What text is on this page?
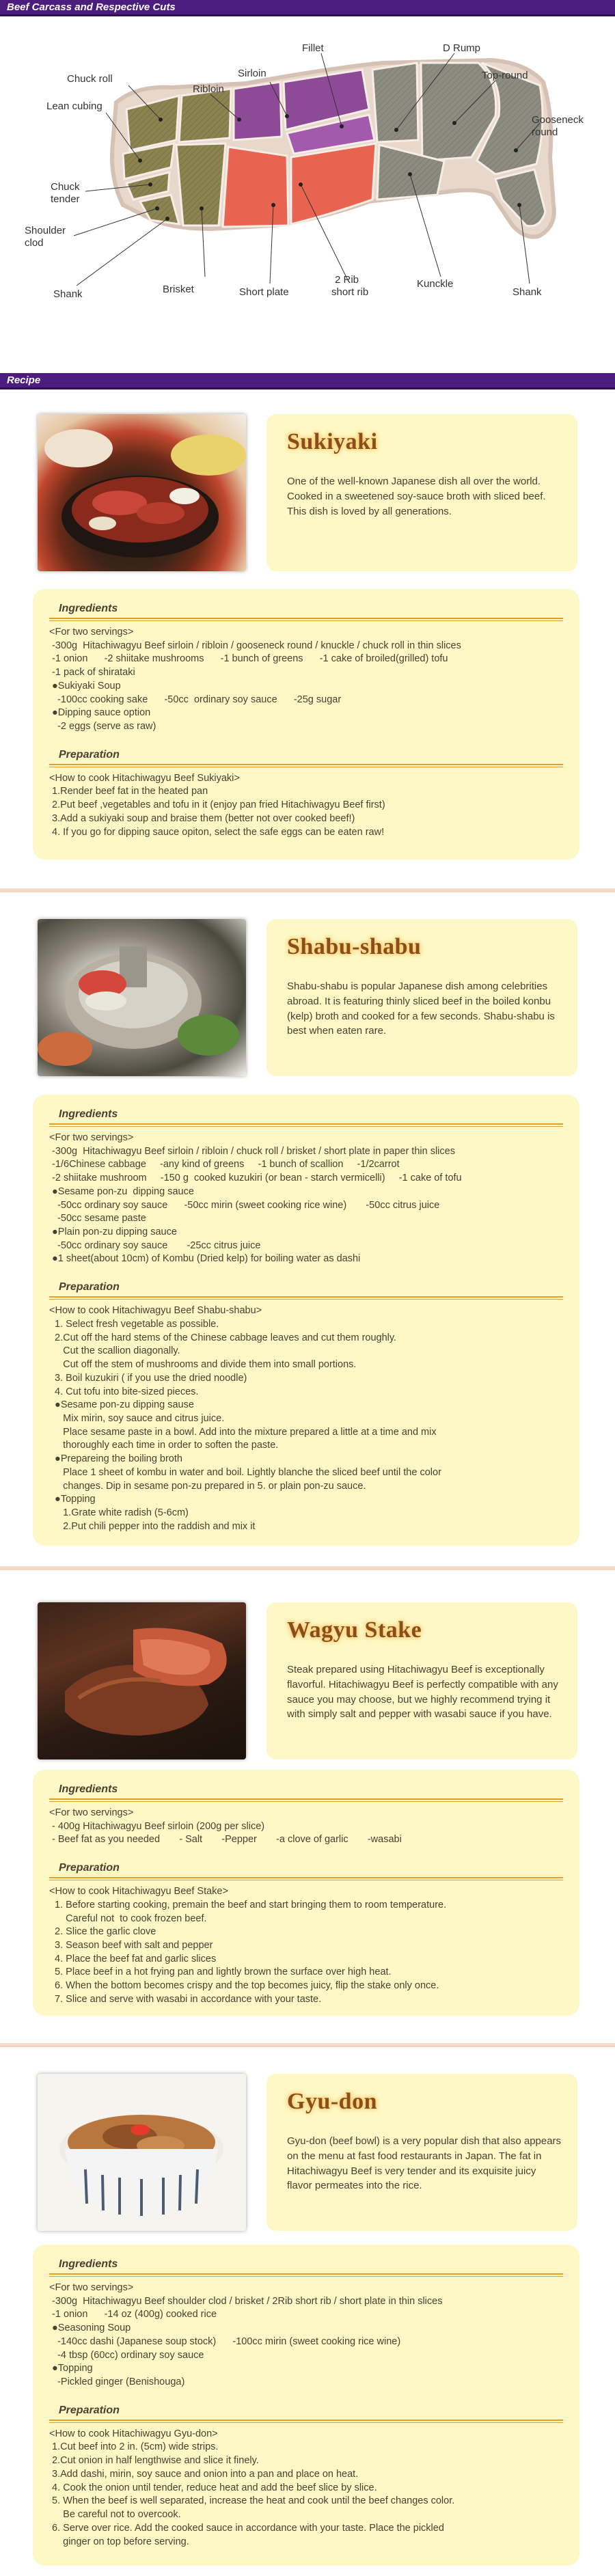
Beef Carcass and Respective Cuts
Chuck roll
Lean cubing
Ribloin
Sirloin
Fillet	D Rump
Top-round
Gooseneck round
Chuck tender
Shoulder clod
Shank	Brisket	Short plate
2 Rib short rib
Kunckle
Shank
Recipe
Sukiyaki
One of the well-known Japanese dish all over the world. Cooked in a sweetened soy-sauce broth with sliced beef. This dish is loved by all generations.
Ingredients
<For two servings>
-300g  Hitachiwagyu Beef sirloin / ribloin / gooseneck round / knuckle / chuck roll in thin slices
-1 onion      -2 shiitake mushrooms      -1 bunch of greens      -1 cake of broiled(grilled) tofu
-1 pack of shirataki
●Sukiyaki Soup
-100cc cooking sake      -50cc  ordinary soy sauce      -25g sugar
●Dipping sauce option
-2 eggs (serve as raw)
Preparation
<How to cook Hitachiwagyu Beef Sukiyaki>
1.Render beef fat in the heated pan
2.Put beef ,vegetables and tofu in it (enjoy pan fried Hitachiwagyu Beef first)
3.Add a sukiyaki soup and braise them (better not over cooked beef!)
4. If you go for dipping sauce opiton, select the safe eggs can be eaten raw!
Shabu-shabu
Shabu-shabu is popular Japanese dish among celebrities abroad. It is featuring thinly sliced beef in the boiled konbu (kelp) broth and cooked for a few seconds. Shabu-shabu is best when eaten rare.
Ingredients
<For two servings>
-300g  Hitachiwagyu Beef sirloin / ribloin / chuck roll / brisket / short plate in paper thin slices
-1/6Chinese cabbage     -any kind of greens     -1 bunch of scallion     -1/2carrot
-2 shiitake mushroom     -150 g  cooked kuzukiri (or bean - starch vermicelli)     -1 cake of tofu
●Sesame pon-zu  dipping sauce
-50cc ordinary soy sauce      -50cc mirin (sweet cooking rice wine)       -50cc citrus juice
-50cc sesame paste
●Plain pon-zu dipping sauce
-50cc ordinary soy sauce       -25cc citrus juice
●1 sheet(about 10cm) of Kombu (Dried kelp) for boiling water as dashi
Preparation
<How to cook Hitachiwagyu Beef Shabu-shabu>
1. Select fresh vegetable as possible.
2.Cut off the hard stems of the Chinese cabbage leaves and cut them roughly.
Cut the scallion diagonally.
Cut off the stem of mushrooms and divide them into small portions.
3. Boil kuzukiri ( if you use the dried noodle)
4. Cut tofu into bite-sized pieces.
●Sesame pon-zu dipping sause
Mix mirin, soy sauce and citrus juice.
Place sesame paste in a bowl. Add into the mixture prepared a little at a time and mix
thoroughly each time in order to soften the paste.
●Prepareing the boiling broth
Place 1 sheet of kombu in water and boil. Lightly blanche the sliced beef until the color
changes. Dip in sesame pon-zu prepared in 5. or plain pon-zu sauce.
●Topping
1.Grate white radish (5-6cm)
2.Put chili pepper into the raddish and mix it
Wagyu Stake
Steak prepared using Hitachiwagyu Beef is exceptionally flavorful. Hitachiwagyu Beef is perfectly compatible with any sauce you may choose, but we highly recommend trying it with simply salt and pepper with wasabi sauce if you have.
Ingredients
<For two servings>
- 400g Hitachiwagyu Beef sirloin (200g per slice)
- Beef fat as you needed       - Salt       -Pepper       -a clove of garlic       -wasabi
Preparation
<How to cook Hitachiwagyu Beef Stake>
1. Before starting cooking, premain the beef and start bringing them to room temperature.
Careful not  to cook frozen beef.
2. Slice the garlic clove
3. Season beef with salt and pepper
4. Place the beef fat and garlic slices
5. Place beef in a hot frying pan and lightly brown the surface over high heat.
6. When the bottom becomes crispy and the top becomes juicy, flip the stake only once.
7. Slice and serve with wasabi in accordance with your taste.
Gyu-don
Gyu-don (beef bowl) is a very popular dish that also appears on the menu at fast food restaurants in Japan. The fat in Hitachiwagyu Beef is very tender and its exquisite juicy flavor permeates into the rice.
Ingredients
<For two servings>
-300g  Hitachiwagyu Beef shoulder clod / brisket / 2Rib short rib / short plate in thin slices
-1 onion      -14 oz (400g) cooked rice
●Seasoning Soup
-140cc dashi (Japanese soup stock)      -100cc mirin (sweet cooking rice wine)
-4 tbsp (60cc) ordinary soy sauce
●Topping
-Pickled ginger (Benishouga)
Preparation
<How to cook Hitachiwagyu Gyu-don>
1.Cut beef into 2 in. (5cm) wide strips.
2.Cut onion in half lengthwise and slice it finely.
3.Add dashi, mirin, soy sauce and onion into a pan and place on heat.
4. Cook the onion until tender, reduce heat and add the beef slice by slice.
5. When the beef is well separated, increase the heat and cook until the beef changes color.
Be careful not to overcook.
6. Serve over rice. Add the cooked sauce in accordance with your taste. Place the pickled
ginger on top before serving.
